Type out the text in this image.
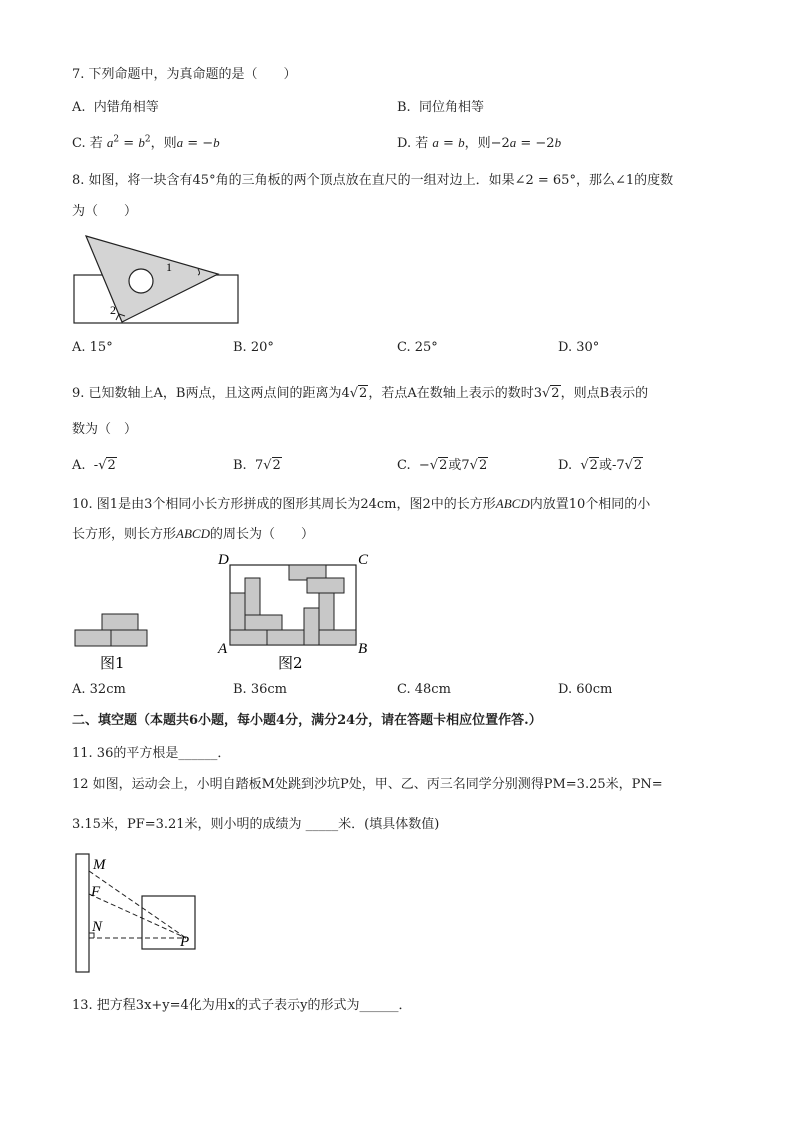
7. 下列命题中，为真命题的是（　　）
A. 内错角相等	B. 同位角相等
C. 若 $a^2 = b^2$，则a = −b	D. 若 a = b，则−2a = −2b
8. 如图，将一块含有45°角的三角板的两个顶点放在直尺的一组对边上．如果∠2 = 65°，那么∠1的度数
为（　　）
1
2
A. 15°	B. 20°	C. 25°	D. 30°
9. 已知数轴上A，B两点，且这两点间的距离为4√2，若点A在数轴上表示的数时3√2，则点B表示的
数为（　）
A.  -√2	B.  7√2	C.  −√2或7√2	D.  √2或-7√2
10. 图1是由3个相同小长方形拼成的图形其周长为24cm，图2中的长方形ABCD内放置10个相同的小
长方形，则长方形ABCD的周长为（　　）
图1
D	C
A	B
图2
A. 32cm	B. 36cm	C. 48cm	D. 60cm
二、填空题（本题共6小题，每小题4分，满分24分，请在答题卡相应位置作答.）
11. 36的平方根是______．
12 如图，运动会上，小明自踏板M处跳到沙坑P处，甲、乙、丙三名同学分别测得PM=3.25米，PN=
3.15米，PF=3.21米，则小明的成绩为 _____米．(填具体数值)
M
F
N
P
13. 把方程3x+y=4化为用x的式子表示y的形式为______．
